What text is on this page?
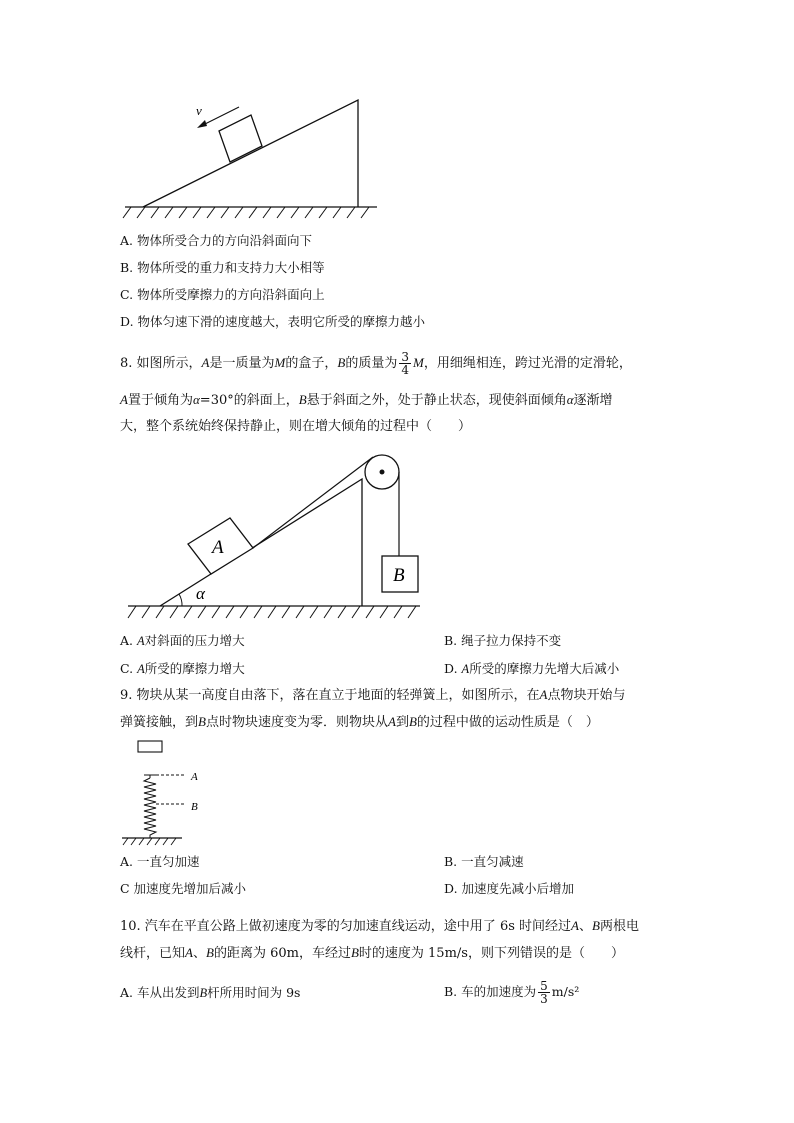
v
A. 物体所受合力的方向沿斜面向下
B. 物体所受的重力和支持力大小相等
C. 物体所受摩擦力的方向沿斜面向上
D. 物体匀速下滑的速度越大，表明它所受的摩擦力越小
8. 如图所示，A是一质量为M的盒子，B的质量为 $\frac{3}{4}$ M，用细绳相连，跨过光滑的定滑轮，
A置于倾角为α=30°的斜面上，B悬于斜面之外，处于静止状态，现使斜面倾角α逐渐增
大，整个系统始终保持静止，则在增大倾角的过程中（　　）
α
A
B
A. A对斜面的压力增大	B. 绳子拉力保持不变
C. A所受的摩擦力增大	D. A所受的摩擦力先增大后减小
9. 物块从某一高度自由落下，落在直立于地面的轻弹簧上，如图所示，在A点物块开始与
弹簧接触，到B点时物块速度变为零．则物块从A到B的过程中做的运动性质是（　）
A
B
A. 一直匀加速	B. 一直匀减速
C 加速度先增加后减小	D. 加速度先减小后增加
10. 汽车在平直公路上做初速度为零的匀加速直线运动，途中用了 6s 时间经过A、B两根电
线杆，已知A、B的距离为 60m，车经过B时的速度为 15m/s，则下列错误的是（　　）
A. 车从出发到B杆所用时间为 9s	B. 车的加速度为 $\frac{5}{3} m/s^2$
